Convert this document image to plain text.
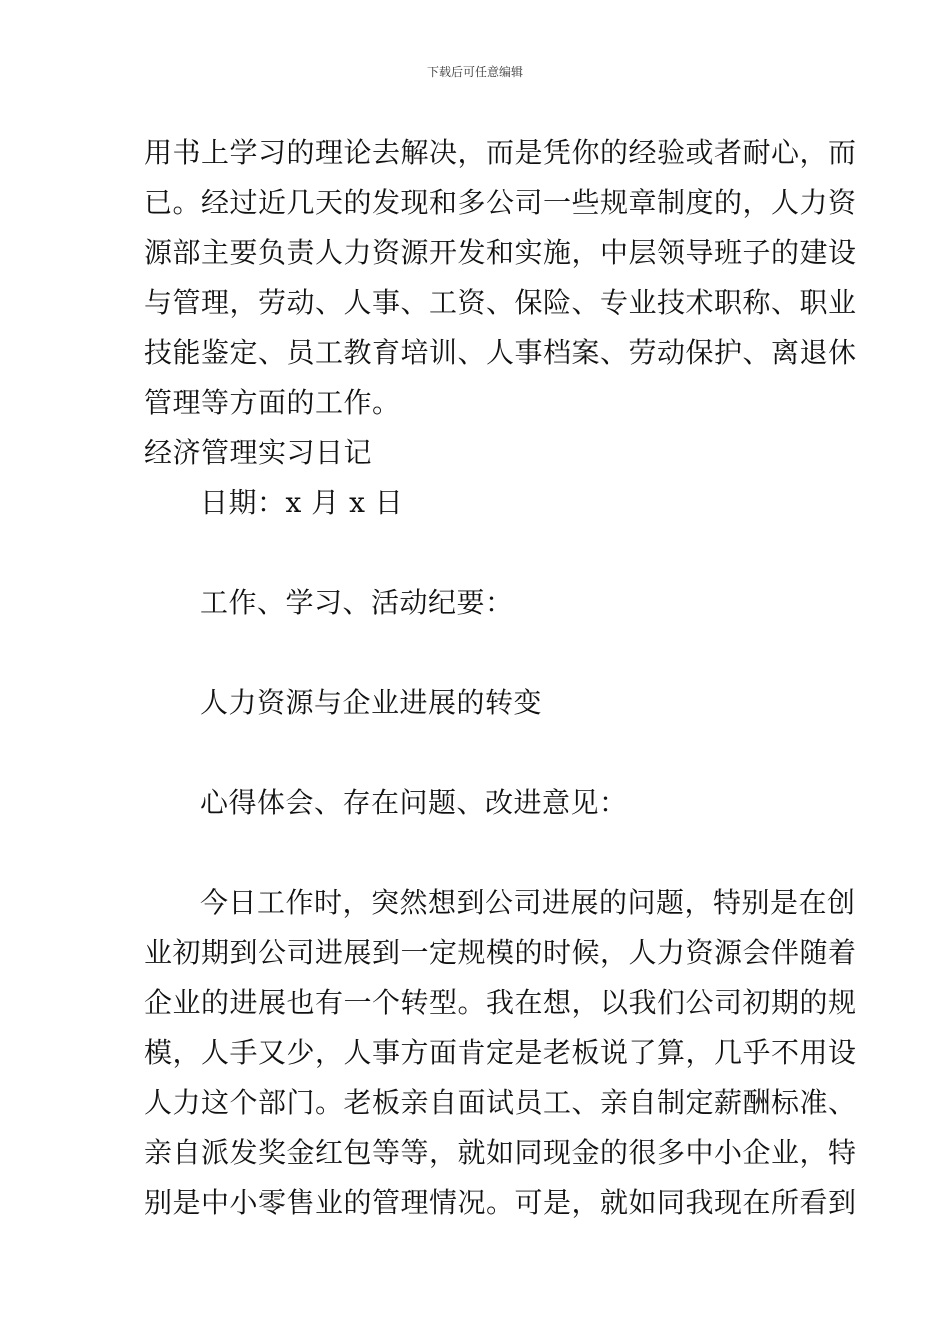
下载后可任意编辑
用书上学习的理论去解决，而是凭你的经验或者耐心，而
已。经过近几天的发现和多公司一些规章制度的，人力资
源部主要负责人力资源开发和实施，中层领导班子的建设
与管理，劳动、人事、工资、保险、专业技术职称、职业
技能鉴定、员工教育培训、人事档案、劳动保护、离退休
管理等方面的工作。
经济管理实习日记
日期：x 月 x 日
工作、学习、活动纪要：
人力资源与企业进展的转变
心得体会、存在问题、改进意见：
今日工作时，突然想到公司进展的问题，特别是在创
业初期到公司进展到一定规模的时候，人力资源会伴随着
企业的进展也有一个转型。我在想，以我们公司初期的规
模，人手又少，人事方面肯定是老板说了算，几乎不用设
人力这个部门。老板亲自面试员工、亲自制定薪酬标准、
亲自派发奖金红包等等，就如同现金的很多中小企业，特
别是中小零售业的管理情况。可是，就如同我现在所看到
